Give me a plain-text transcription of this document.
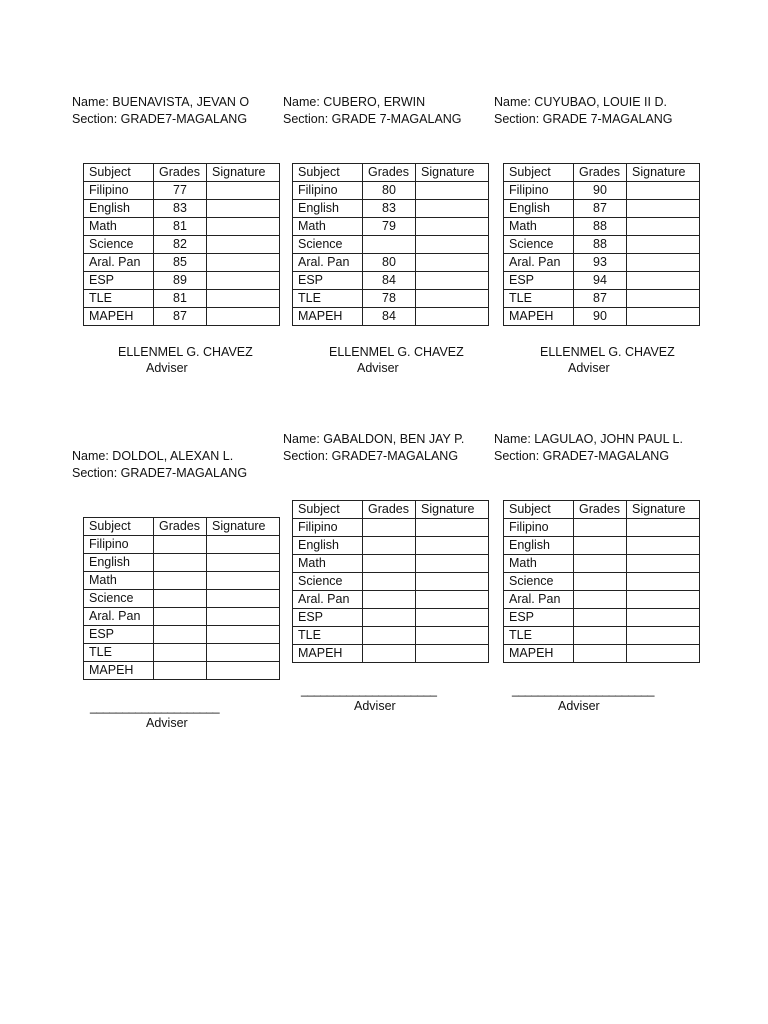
Name: BUENAVISTA, JEVAN O
Section: GRADE7-MAGALANG
Subject	Grades	Signature
Filipino	77	
English	83	
Math	81	
Science	82	
Aral. Pan	85	
ESP	89	
TLE	81	
MAPEH	87	
ELLENMEL G. CHAVEZ
Adviser
Name: CUBERO, ERWIN
Section: GRADE 7-MAGALANG
Subject	Grades	Signature
Filipino	80	
English	83	
Math	79	
Science		
Aral. Pan	80	
ESP	84	
TLE	78	
MAPEH	84	
ELLENMEL G. CHAVEZ
Adviser
Name: CUYUBAO, LOUIE II D.
Section: GRADE 7-MAGALANG
Subject	Grades	Signature
Filipino	90	
English	87	
Math	88	
Science	88	
Aral. Pan	93	
ESP	94	
TLE	87	
MAPEH	90	
ELLENMEL G. CHAVEZ
Adviser
Name: DOLDOL, ALEXAN L.
Section: GRADE7-MAGALANG
Subject	Grades	Signature
Filipino		
English		
Math		
Science		
Aral. Pan		
ESP		
TLE		
MAPEH		
____________________
Adviser
Name: GABALDON, BEN JAY P.
Section: GRADE7-MAGALANG
Subject	Grades	Signature
Filipino		
English		
Math		
Science		
Aral. Pan		
ESP		
TLE		
MAPEH		
_____________________
Adviser
Name: LAGULAO, JOHN PAUL L.
Section: GRADE7-MAGALANG
Subject	Grades	Signature
Filipino		
English		
Math		
Science		
Aral. Pan		
ESP		
TLE		
MAPEH		
______________________
Adviser
